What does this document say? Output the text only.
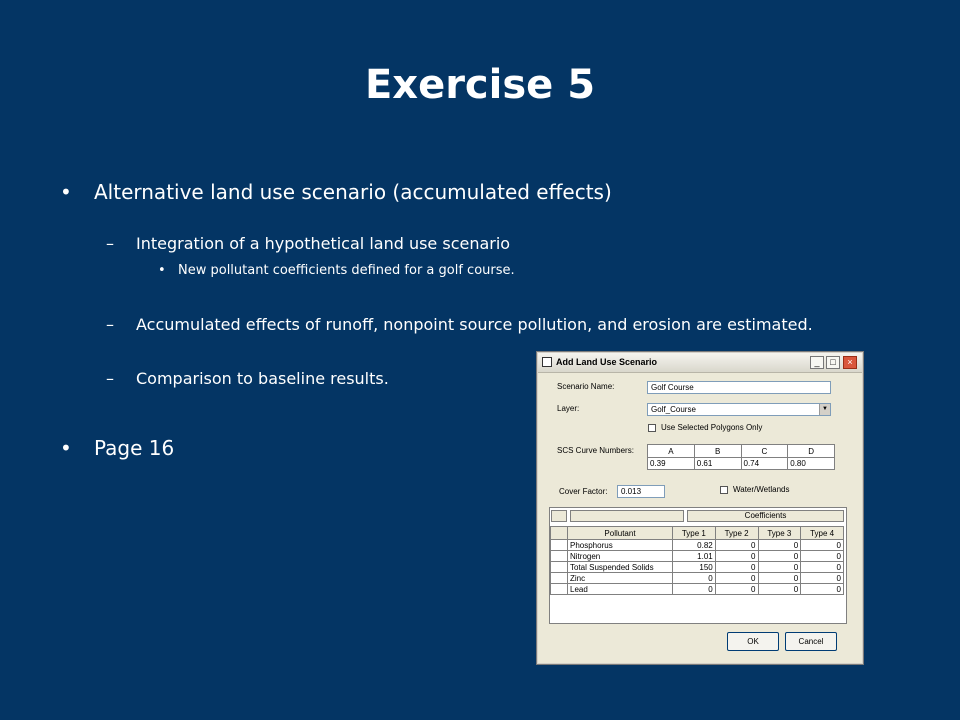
Exercise 5
• Alternative land use scenario (accumulated effects)
– Integration of a hypothetical land use scenario
• New pollutant coefficients defined for a golf course.
– Accumulated effects of runoff, nonpoint source pollution, and erosion are estimated.
– Comparison to baseline results.
• Page 16
Add Land Use Scenario	_	□	×
Scenario Name:	Golf Course
Layer:	Golf_Course	▼
Use Selected Polygons Only
SCS Curve Numbers:	A	B	C	D
0.39	0.61	0.74	0.80
Cover Factor:	0.013	Water/Wetlands
Coefficients
	Pollutant	Type 1	Type 2	Type 3	Type 4
	Phosphorus	0.82	0	0	0
	Nitrogen	1.01	0	0	0
	Total Suspended Solids	150	0	0	0
	Zinc	0	0	0	0
	Lead	0	0	0	0
OK	Cancel
